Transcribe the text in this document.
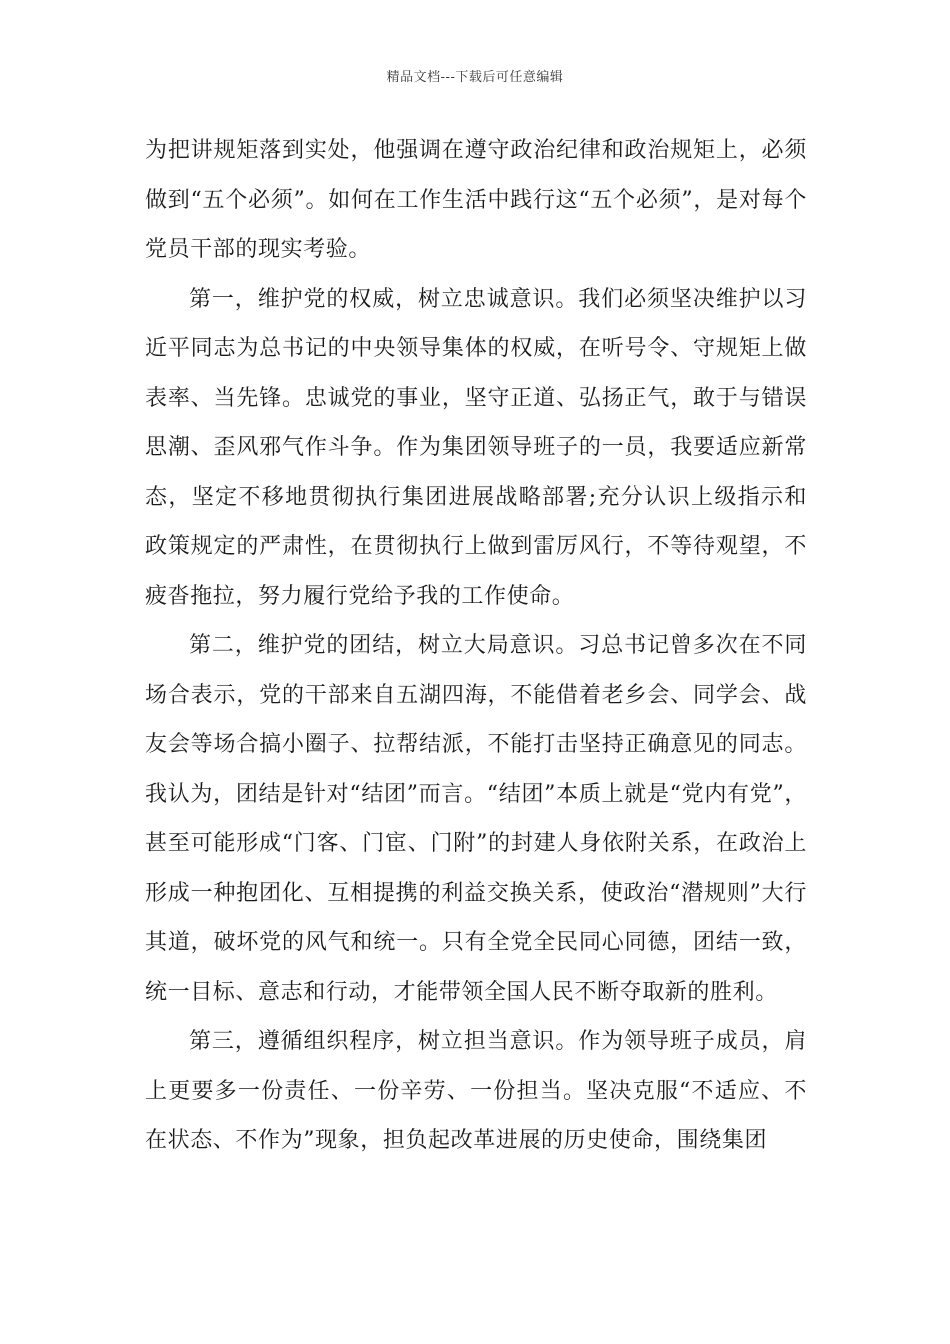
精品文档---下载后可任意编辑

为把讲规矩落到实处，他强调在遵守政治纪律和政治规矩上，必须做到“五个必须”。如何在工作生活中践行这“五个必须”，是对每个党员干部的现实考验。

第一，维护党的权威，树立忠诚意识。我们必须坚决维护以习近平同志为总书记的中央领导集体的权威，在听号令、守规矩上做表率、当先锋。忠诚党的事业，坚守正道、弘扬正气，敢于与错误思潮、歪风邪气作斗争。作为集团领导班子的一员，我要适应新常态，坚定不移地贯彻执行集团进展战略部署;充分认识上级指示和政策规定的严肃性，在贯彻执行上做到雷厉风行，不等待观望，不疲沓拖拉，努力履行党给予我的工作使命。

第二，维护党的团结，树立大局意识。习总书记曾多次在不同场合表示，党的干部来自五湖四海，不能借着老乡会、同学会、战友会等场合搞小圈子、拉帮结派，不能打击坚持正确意见的同志。我认为，团结是针对“结团”而言。“结团”本质上就是“党内有党”，甚至可能形成“门客、门宦、门附”的封建人身依附关系，在政治上形成一种抱团化、互相提携的利益交换关系，使政治“潜规则”大行其道，破坏党的风气和统一。只有全党全民同心同德，团结一致，统一目标、意志和行动，才能带领全国人民不断夺取新的胜利。

第三，遵循组织程序，树立担当意识。作为领导班子成员，肩上更要多一份责任、一份辛劳、一份担当。坚决克服“不适应、不在状态、不作为”现象，担负起改革进展的历史使命，围绕集团
